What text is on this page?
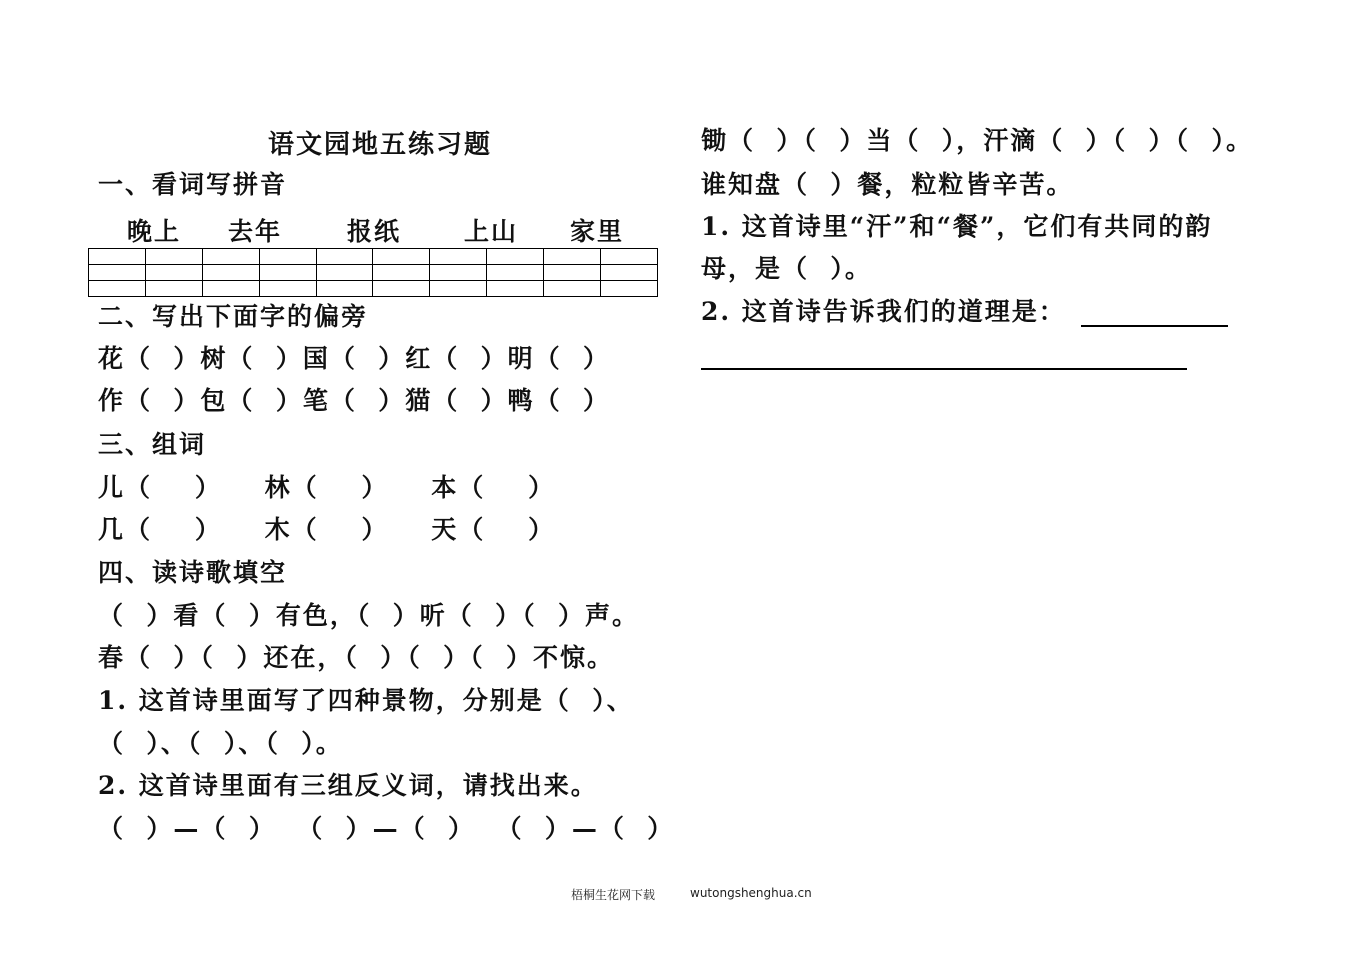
语文园地五练习题
一、看词写拼音
晚上 去年	报纸	上山 家里

二、写出下面字的偏旁
花（  ）树（  ）国（  ）红（  ）明（  ）
作（  ）包（  ）笔（  ）猫（  ）鸭（  ）
三、组词
儿（    ）    林（    ）    本（    ）
几（    ）    木（    ）    天（    ）
四、读诗歌填空
（  ）看（  ）有色，（  ）听（  ）（  ）声。
春（  ）（  ）还在，（  ）（  ）（  ）不惊。
1. 这首诗里面写了四种景物，分别是（  ）、
（  ）、（  ）、（  ）。
2. 这首诗里面有三组反义词，请找出来。
（  ）—（  ）  （  ）—（  ）  （  ）—（  ）
锄（  ）（  ）当（  ），汗滴（  ）（  ）（  ）。
谁知盘（  ）餐，粒粒皆辛苦。
1. 这首诗里“汗”和“餐”，它们有共同的韵
母，是（  ）。
2. 这首诗告诉我们的道理是：
梧桐生花网下载	wutongshenghua.cn
